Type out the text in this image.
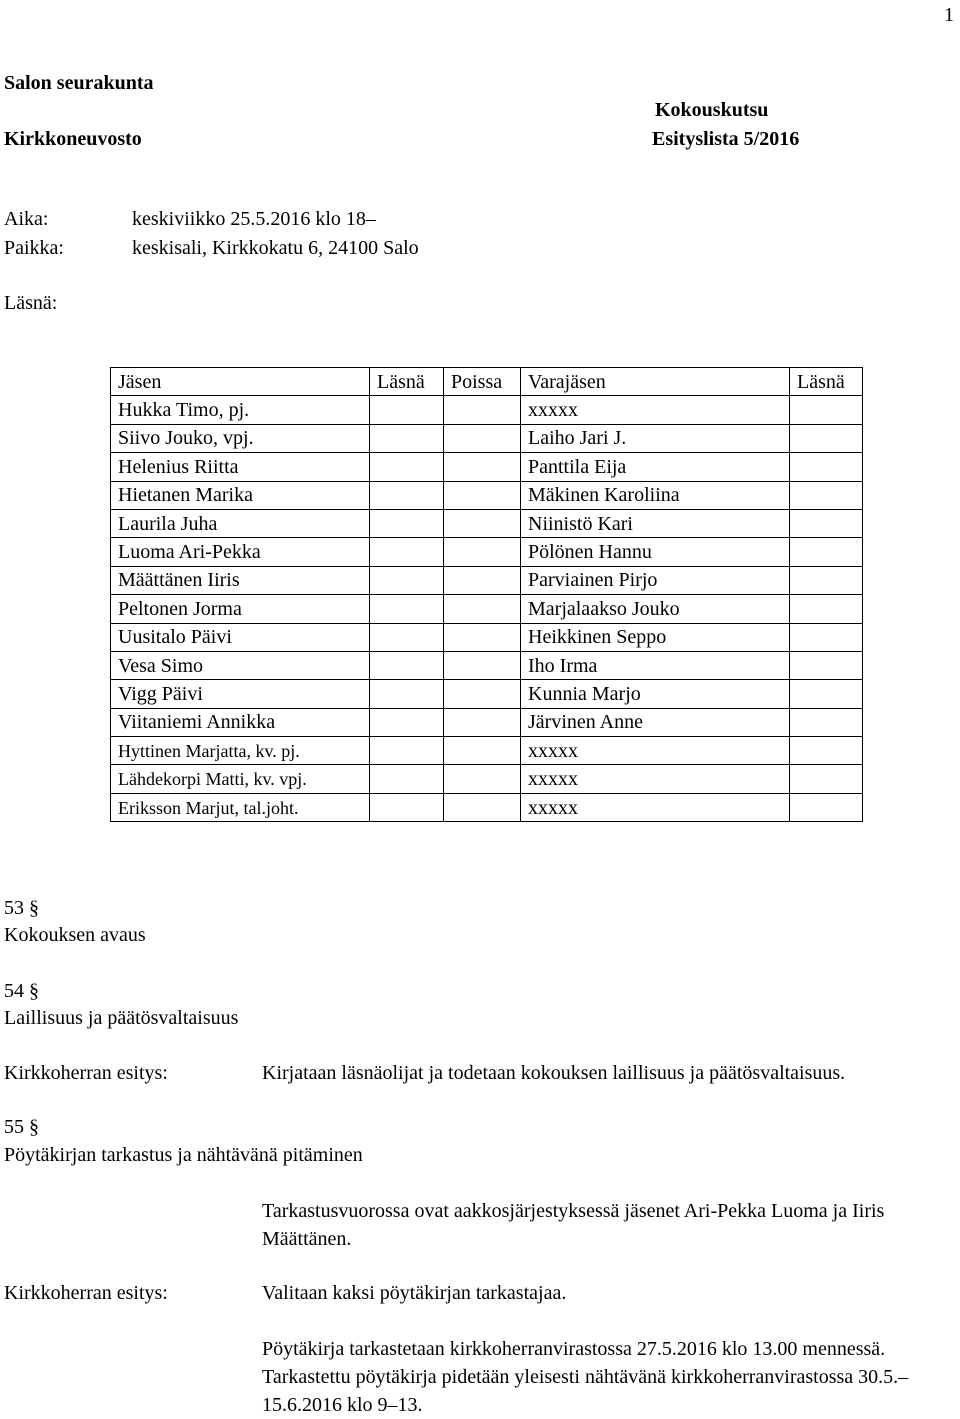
1
Salon seurakunta
Kokouskutsu
Kirkkoneuvosto	Esityslista 5/2016
Aika:	keskiviikko 25.5.2016 klo 18–
Paikka:	keskisali, Kirkkokatu 6, 24100 Salo
Läsnä:
Jäsen	Läsnä	Poissa	Varajäsen	Läsnä
Hukka Timo, pj.			xxxxx	
Siivo Jouko, vpj.			Laiho Jari J.	
Helenius Riitta			Panttila Eija	
Hietanen Marika			Mäkinen Karoliina	
Laurila Juha			Niinistö Kari	
Luoma Ari-Pekka			Pölönen Hannu	
Määttänen Iiris			Parviainen Pirjo	
Peltonen Jorma			Marjalaakso Jouko	
Uusitalo Päivi			Heikkinen Seppo	
Vesa Simo			Iho Irma	
Vigg Päivi			Kunnia Marjo	
Viitaniemi Annikka			Järvinen Anne	
Hyttinen Marjatta, kv. pj.			xxxxx	
Lähdekorpi Matti, kv. vpj.			xxxxx	
Eriksson Marjut, tal.joht.			xxxxx	
53 §
Kokouksen avaus
54 §
Laillisuus ja päätösvaltaisuus
Kirkkoherran esitys:	Kirjataan läsnäolijat ja todetaan kokouksen laillisuus ja päätösvaltaisuus.
55 §
Pöytäkirjan tarkastus ja nähtävänä pitäminen
Tarkastusvuorossa ovat aakkosjärjestyksessä jäsenet Ari-Pekka Luoma ja Iiris Määttänen.
Kirkkoherran esitys:	Valitaan kaksi pöytäkirjan tarkastajaa.
Pöytäkirja tarkastetaan kirkkoherranvirastossa 27.5.2016 klo 13.00 mennessä. Tarkastettu pöytäkirja pidetään yleisesti nähtävänä kirkkoherranvirastossa 30.5.– 15.6.2016 klo 9–13.
